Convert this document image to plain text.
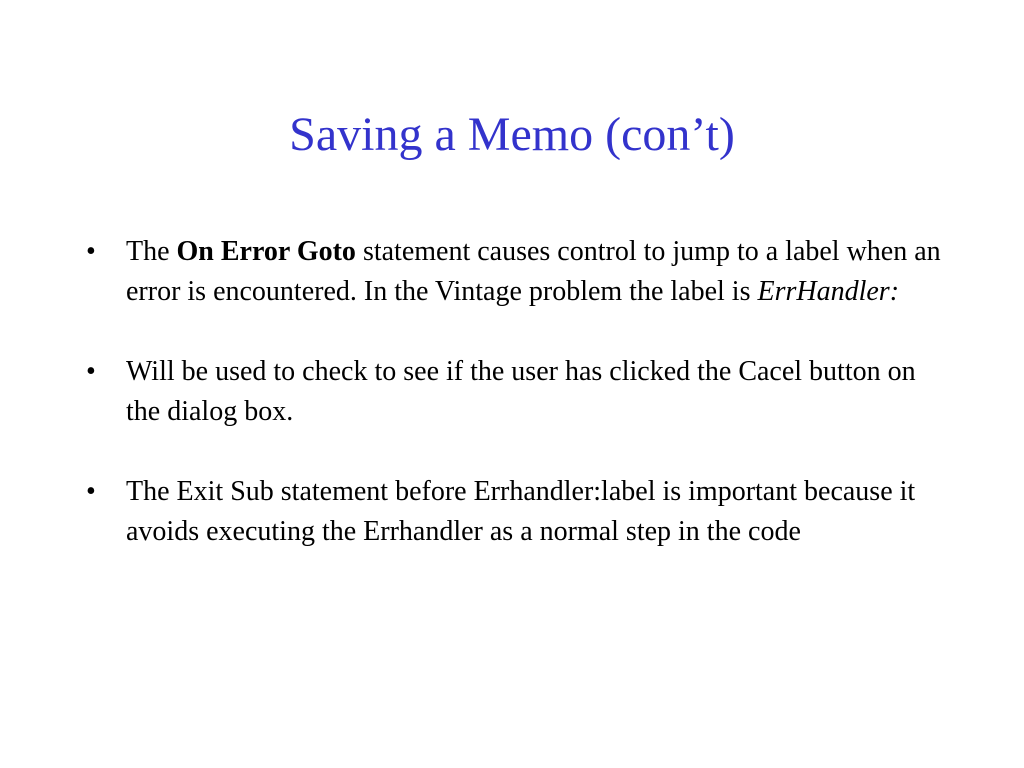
Saving a Memo (con’t)
•	The On Error Goto statement causes control to jump to a label when an error is encountered. In the Vintage problem the label is ErrHandler:
•	Will be used to check to see if the user has clicked the Cacel button on the dialog box.
•	The Exit Sub statement before Errhandler:label is important because it avoids executing the Errhandler as a normal step in the code
